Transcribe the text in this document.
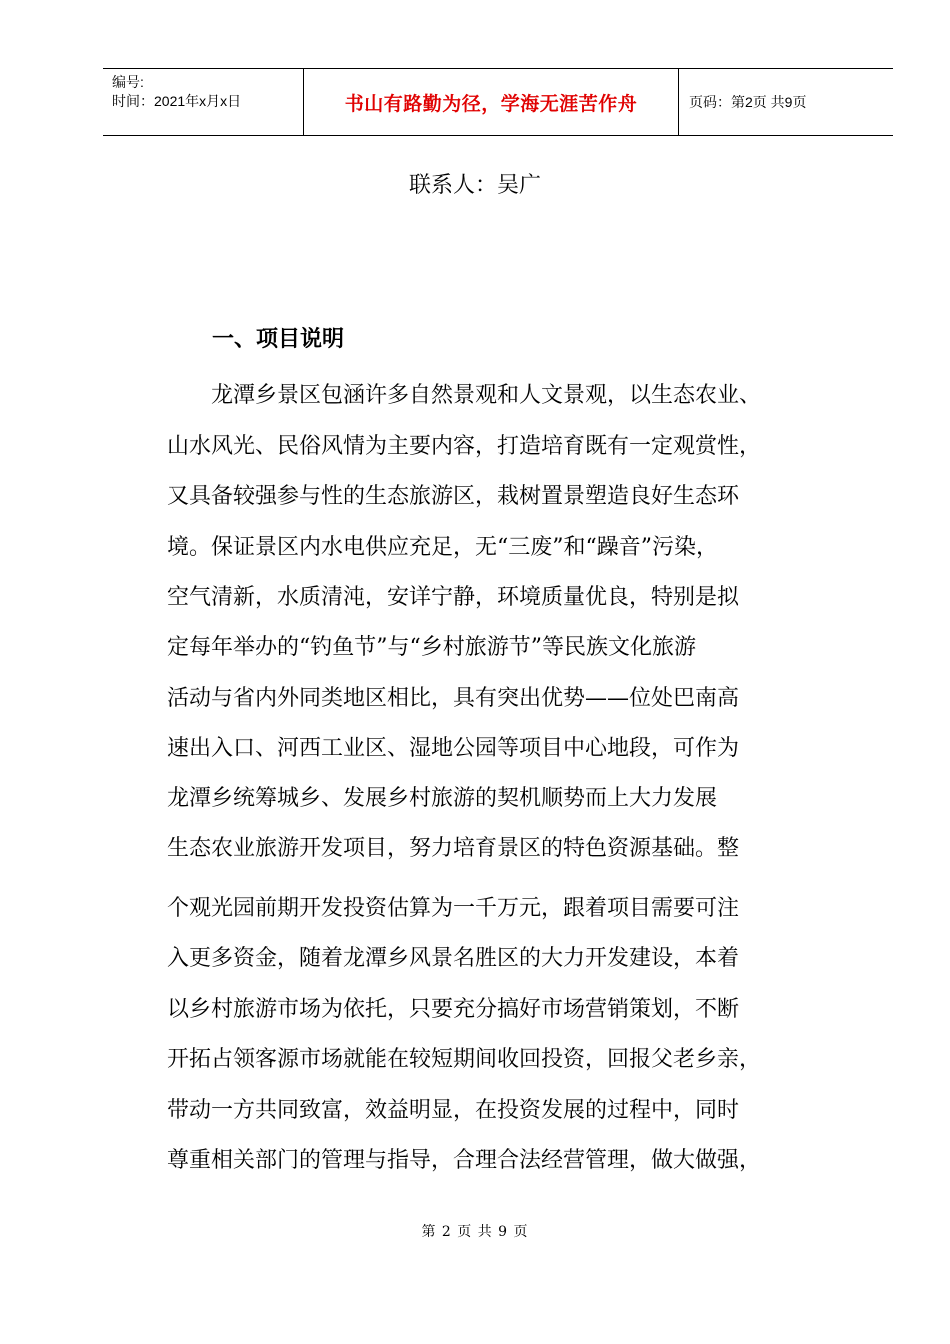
编号:
时间：2021年x月x日	书山有路勤为径，学海无涯苦作舟	页码：第2页 共9页
联系人：吴广
一、项目说明
　　龙潭乡景区包涵许多自然景观和人文景观，以生态农业、
山水风光、民俗风情为主要内容，打造培育既有一定观赏性，
又具备较强参与性的生态旅游区，栽树置景塑造良好生态环
境。保证景区内水电供应充足，无“三废”和“躁音”污染，
空气清新，水质清沌，安详宁静，环境质量优良，特别是拟
定每年举办的“钓鱼节”与“乡村旅游节”等民族文化旅游
活动与省内外同类地区相比，具有突出优势——位处巴南高
速出入口、河西工业区、湿地公园等项目中心地段，可作为
龙潭乡统筹城乡、发展乡村旅游的契机顺势而上大力发展
生态农业旅游开发项目，努力培育景区的特色资源基础。整
个观光园前期开发投资估算为一千万元，跟着项目需要可注
入更多资金，随着龙潭乡风景名胜区的大力开发建设，本着
以乡村旅游市场为依托，只要充分搞好市场营销策划，不断
开拓占领客源市场就能在较短期间收回投资，回报父老乡亲，
带动一方共同致富，效益明显，在投资发展的过程中，同时
尊重相关部门的管理与指导，合理合法经营管理，做大做强，
第 2 页 共 9 页
